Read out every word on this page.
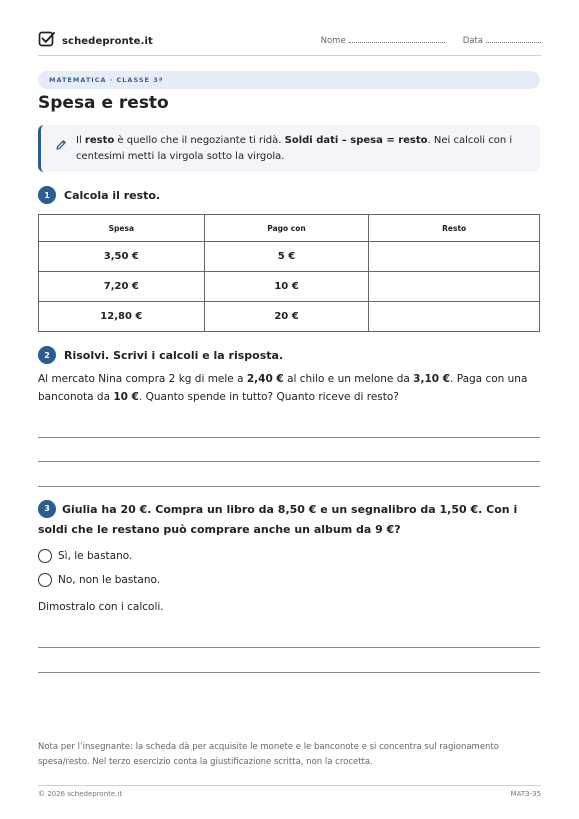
schedepronte.it	Nome	Data
MATEMATICA · CLASSE 3ª
Spesa e resto
Il resto è quello che il negoziante ti ridà. Soldi dati – spesa = resto. Nei calcoli con i centesimi metti la virgola sotto la virgola.
1	Calcola il resto.
Spesa	Pago con	Resto
3,50 €	5 €	
7,20 €	10 €	
12,80 €	20 €	
2	Risolvi. Scrivi i calcoli e la risposta.
Al mercato Nina compra 2 kg di mele a 2,40 € al chilo e un melone da 3,10 €. Paga con una banconota da 10 €. Quanto spende in tutto? Quanto riceve di resto?
3 Giulia ha 20 €. Compra un libro da 8,50 € e un segnalibro da 1,50 €. Con i soldi che le restano può comprare anche un album da 9 €?
Sì, le bastano.
No, non le bastano.
Dimostralo con i calcoli.
Nota per l’insegnante: la scheda dà per acquisite le monete e le banconote e si concentra sul ragionamento spesa/resto. Nel terzo esercizio conta la giustificazione scritta, non la crocetta.
© 2026 schedepronte.it	MAT3-35
